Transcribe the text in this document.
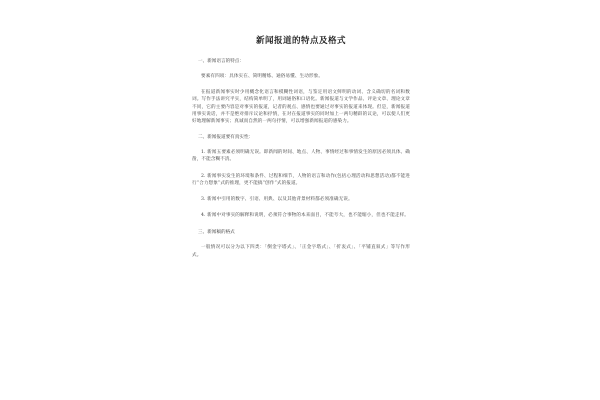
新闻报道的特点及格式
一、新闻语言的特点：
要素有四项：具体实在、简明精练、通俗易懂、生动形象。
在报道新闻事实时少用概念化语言和模糊性词语，与鉴定用语文鲜明的动词、含义确切的名词和数词。写作手法讲究平实，结构简单明了，用词通俗和口语化。新闻报道与文学作品、评论文章、理论文章不同，它的主要内容是对事实的报道，记者的观点、感情也要通过对事实的报道来体现。但是，新闻报道用事实说话，并不是绝对排斥议论和抒情，在对在报道事实的同时加上一两句精辟的议论，可以使人们更好地理解新闻事实；真诚而自然的一两句抒情，可以增强新闻报道的感染力。
二、新闻报道要有真实性：
1. 新闻五要素必须明确无误。即新闻的时间、地点、人物、事情经过和事情发生的原因必须具体、确凿，不能含糊不清。
2. 新闻事实发生的环境和条件、过程和细节，人物的语言和动作(包括心理活动和思想活动)都不能进行“合力想象”式的推理，更不能搞“创作”式的报道。
3. 新闻中引用的数字、引语、用典、以及其他背景材料都必须准确无误。
4. 新闻中对事实的解释和说明，必须符合事物的本来面目，不能夸大，也不能缩小，但也不能走样。
三、新闻稿的格式
一般情况可以分为以下四类：「倒金字塔式」、「正金字塔式」、「折衷式」、「平铺直叙式」等写作形式。
